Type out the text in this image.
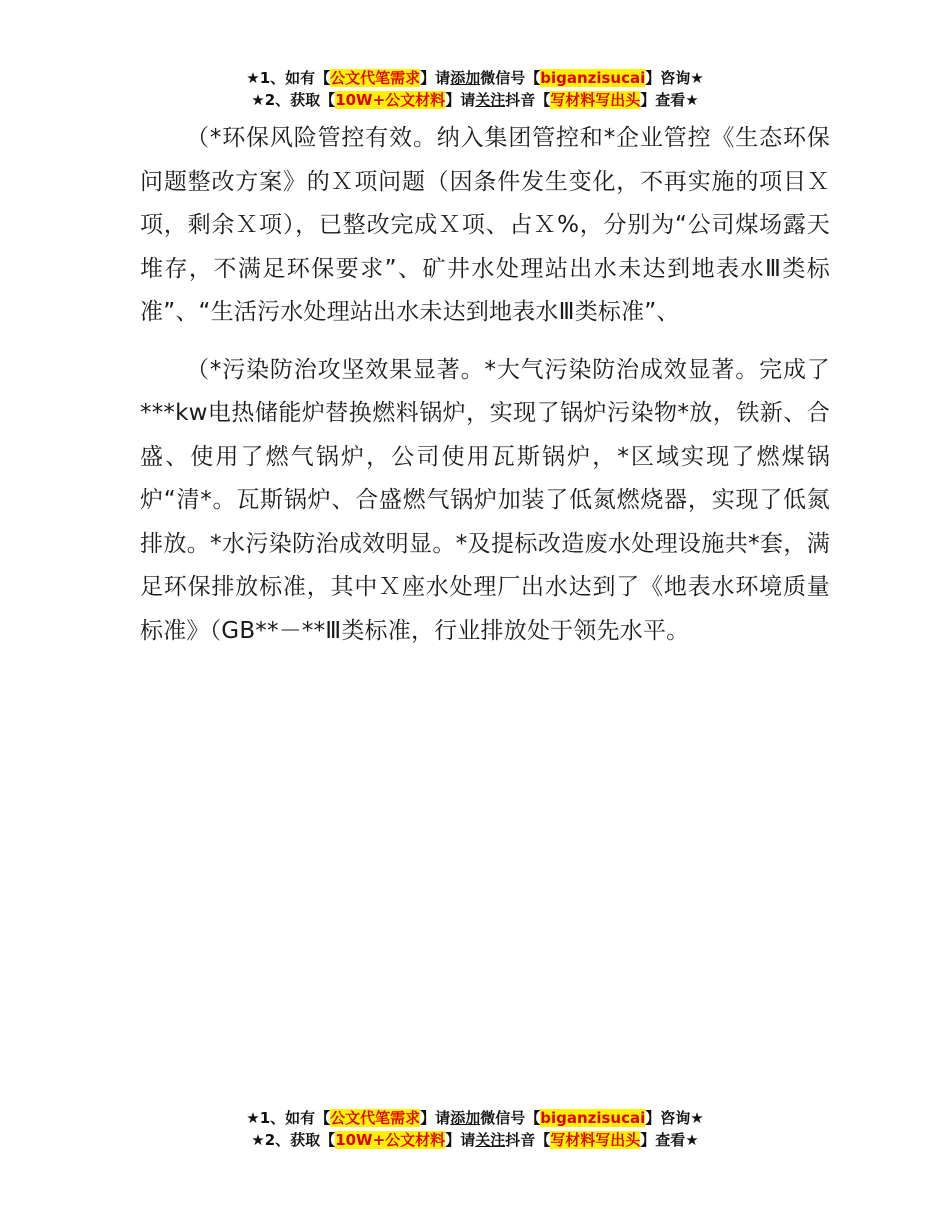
★1、如有【公文代笔需求】请添加微信号【biganzisucai】咨询★
★2、获取【10W+公文材料】请关注抖音【写材料写出头】查看★

（*环保风险管控有效。纳入集团管控和*企业管控《生态环保问题整改方案》的Ｘ项问题（因条件发生变化，不再实施的项目Ｘ项，剩余Ｘ项），已整改完成Ｘ项、占Ｘ%，分别为“公司煤场露天堆存，不满足环保要求”、矿井水处理站出水未达到地表水Ⅲ类标准”、“生活污水处理站出水未达到地表水Ⅲ类标准”、

（*污染防治攻坚效果显著。*大气污染防治成效显著。完成了***kw电热储能炉替换燃料锅炉，实现了锅炉污染物*放，铁新、合盛、使用了燃气锅炉，公司使用瓦斯锅炉，*区域实现了燃煤锅炉“清*。瓦斯锅炉、合盛燃气锅炉加装了低氮燃烧器，实现了低氮排放。*水污染防治成效明显。*及提标改造废水处理设施共*套，满足环保排放标准，其中Ｘ座水处理厂出水达到了《地表水环境质量标准》（GB**－**Ⅲ类标准，行业排放处于领先水平。

★1、如有【公文代笔需求】请添加微信号【biganzisucai】咨询★
★2、获取【10W+公文材料】请关注抖音【写材料写出头】查看★
